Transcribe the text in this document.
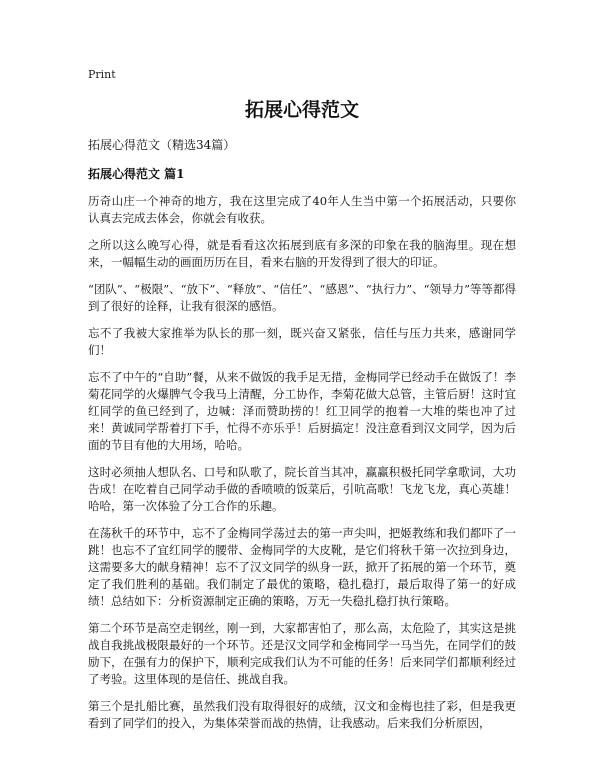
Print
拓展心得范文
拓展心得范文（精选34篇）
拓展心得范文 篇1

历奇山庄一个神奇的地方，我在这里完成了40年人生当中第一个拓展活动，只要你认真去完成去体会，你就会有收获。

之所以这么晚写心得，就是看看这次拓展到底有多深的印象在我的脑海里。现在想来，一幅幅生动的画面历历在目，看来右脑的开发得到了很大的印证。

“团队”、“极限”、“放下”、“释放”、“信任”、“感恩”、“执行力”、“领导力”等等都得到了很好的诠释，让我有很深的感悟。

忘不了我被大家推举为队长的那一刻，既兴奋又紧张，信任与压力共来，感谢同学们！

忘不了中午的“自助”餐，从来不做饭的我手足无措，金梅同学已经动手在做饭了！李菊花同学的火爆脾气令我马上清醒，分工协作，李菊花做大总管，主管后厨！这时宜红同学的鱼已经到了，边喊：泽而赞助捞的！红卫同学的抱着一大堆的柴也冲了过来！黄诚同学帮着打下手，忙得不亦乐乎！后厨搞定！没注意看到汉文同学，因为后面的节目有他的大用场，哈哈。

这时必须抽人想队名、口号和队歌了，院长首当其冲，赢赢积极托同学拿歌词，大功告成！在吃着自己同学动手做的香喷喷的饭菜后，引吭高歌！飞龙飞龙，真心英雄！哈哈，第一次体验了分工合作的乐趣。

在荡秋千的环节中，忘不了金梅同学荡过去的第一声尖叫，把姬教练和我们都吓了一跳！也忘不了宜红同学的腰带、金梅同学的大皮靴，是它们将秋千第一次拉到身边，这需要多大的献身精神！忘不了汉文同学的纵身一跃，掀开了拓展的第一个环节，奠定了我们胜利的基础。我们制定了最优的策略，稳扎稳打，最后取得了第一的好成绩！总结如下：分析资源制定正确的策略，万无一失稳扎稳打执行策略。

第二个环节是高空走钢丝，刚一到，大家都害怕了，那么高，太危险了，其实这是挑战自我挑战极限最好的一个环节。还是汉文同学和金梅同学一马当先，在同学们的鼓励下，在强有力的保护下，顺利完成我们认为不可能的任务！后来同学们都顺利经过了考验。这里体现的是信任、挑战自我。

第三个是扎船比赛，虽然我们没有取得很好的成绩，汉文和金梅也挂了彩，但是我更看到了同学们的投入，为集体荣誉而战的热情，让我感动。后来我们分析原因，
